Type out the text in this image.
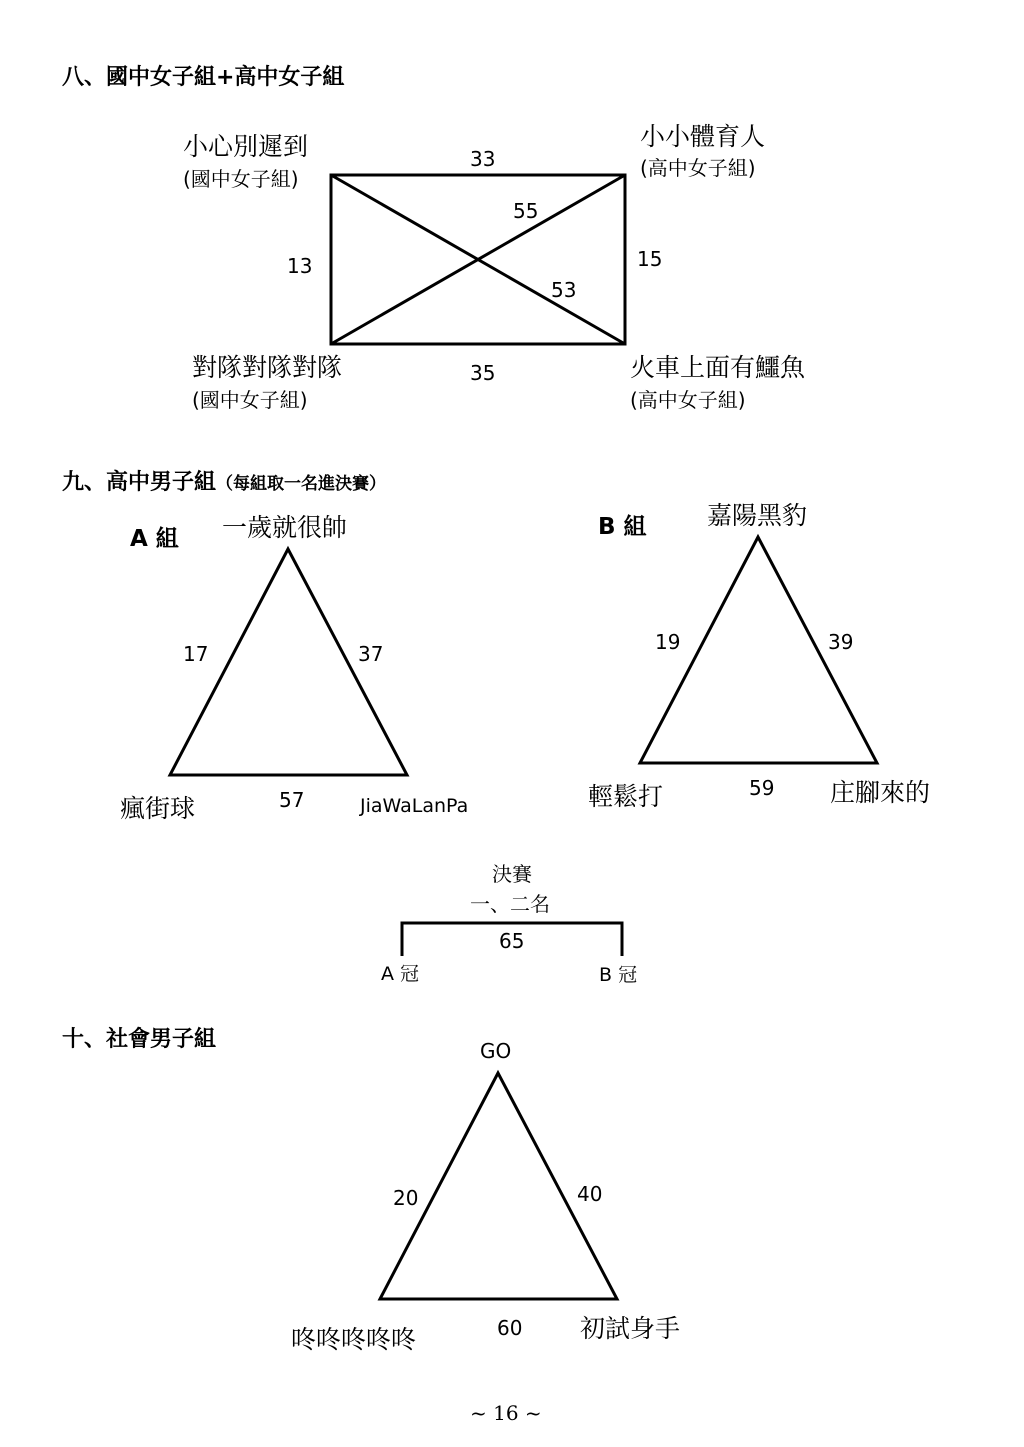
八、國中女子組+高中女子組
小心別遲到
(國中女子組)
小小體育人
(高中女子組)
對隊對隊對隊
(國中女子組)
火車上面有鱷魚
(高中女子組)
33
35
13	15
55
53
九、高中男子組（每組取一名進決賽）
A 組 一歲就很帥
瘋街球	JiaWaLanPa
17	37
57
B 組 嘉陽黑豹
輕鬆打	庄腳來的
19	39
59
決賽
一、二名
65
A 冠	B 冠
十、社會男子組	GO
咚咚咚咚咚	初試身手
20	40
60
~ 16 ~
